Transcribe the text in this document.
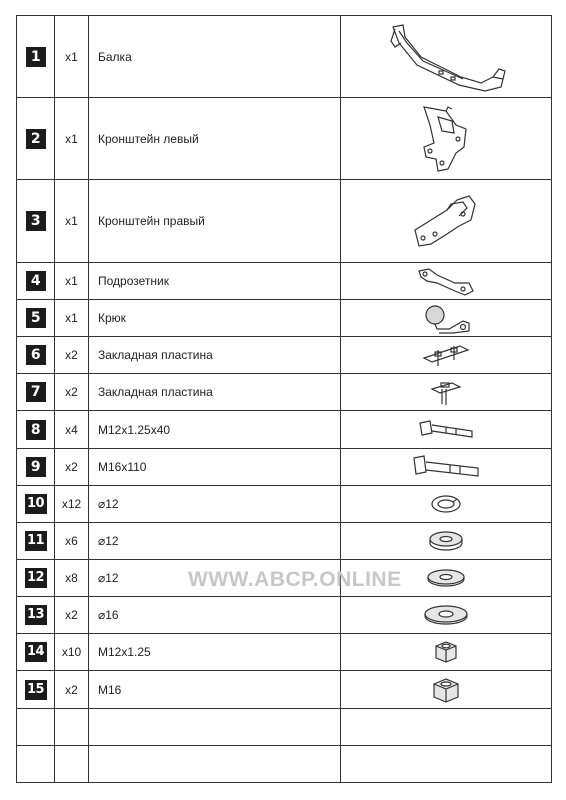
1	x1	Балка	
2	x1	Кронштейн левый	
3	x1	Кронштейн правый	
4	x1	Подрозетник	
5	x1	Крюк	
6	x2	Закладная пластина	
7	x2	Закладная пластина	
8	x4	M12x1.25x40	
9	x2	M16x110	
10	x12	⌀12	
11	x6	⌀12	
12	x8	⌀12	
13	x2	⌀16	
14	x10	M12x1.25	
15	x2	M16	

WWW.ABCP.ONLINE
